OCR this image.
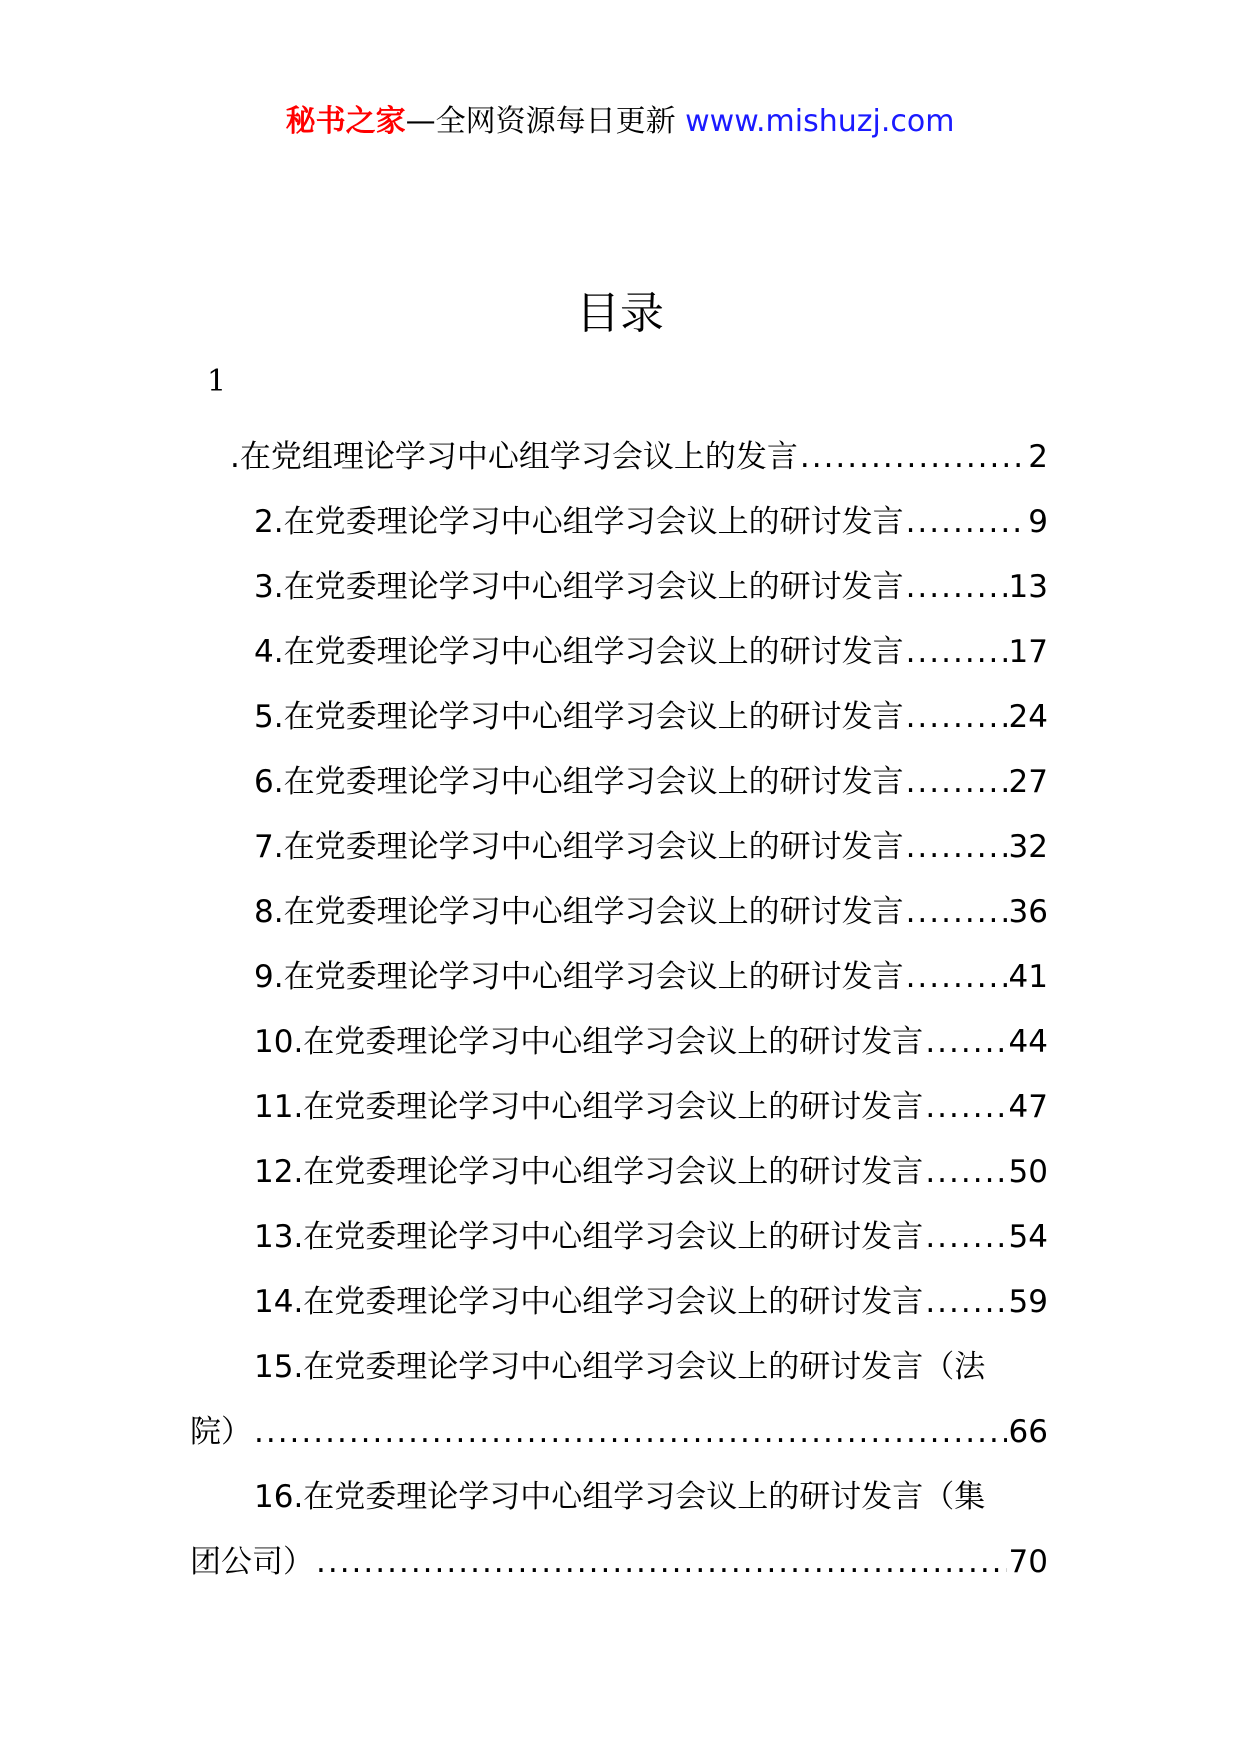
秘书之家—全网资源每日更新 www.mishuzj.com
目录
1
.在党组理论学习中心组学习会议上的发言 .....	2
2.在党委理论学习中心组学习会议上的研讨发言 .....	9
3.在党委理论学习中心组学习会议上的研讨发言 .....	13
4.在党委理论学习中心组学习会议上的研讨发言 .....	17
5.在党委理论学习中心组学习会议上的研讨发言 .....	24
6.在党委理论学习中心组学习会议上的研讨发言 .....	27
7.在党委理论学习中心组学习会议上的研讨发言 .....	32
8.在党委理论学习中心组学习会议上的研讨发言 .....	36
9.在党委理论学习中心组学习会议上的研讨发言 .....	41
10.在党委理论学习中心组学习会议上的研讨发言 .....	44
11.在党委理论学习中心组学习会议上的研讨发言 .....	47
12.在党委理论学习中心组学习会议上的研讨发言 .....	50
13.在党委理论学习中心组学习会议上的研讨发言 .....	54
14.在党委理论学习中心组学习会议上的研讨发言 .....	59
15.在党委理论学习中心组学习会议上的研讨发言（法
院） .....	66
16.在党委理论学习中心组学习会议上的研讨发言（集
团公司） .....	70
